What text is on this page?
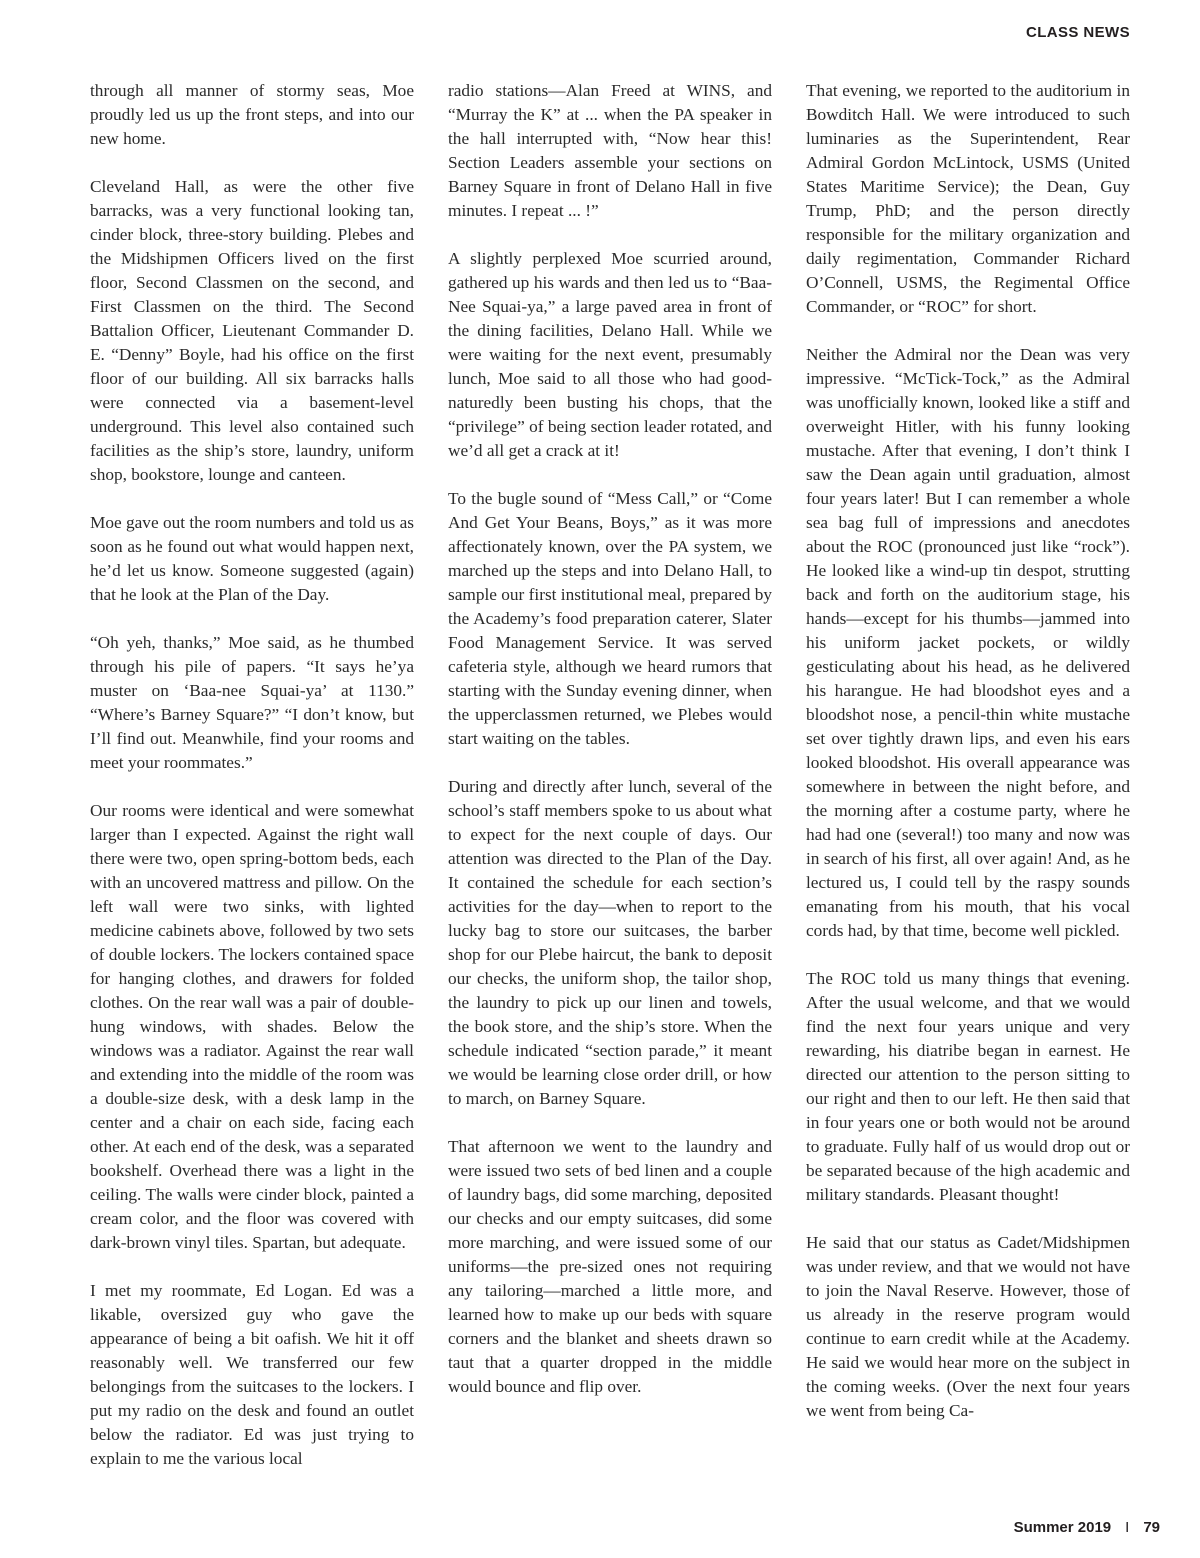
CLASS NEWS

through all manner of stormy seas, Moe proudly led us up the front steps, and into our new home.

Cleveland Hall, as were the other five barracks, was a very functional looking tan, cinder block, three-story building. Plebes and the Midshipmen Officers lived on the first floor, Second Classmen on the second, and First Classmen on the third. The Second Battalion Officer, Lieutenant Commander D. E. “Denny” Boyle, had his office on the first floor of our building. All six barracks halls were connected via a basement-level underground. This level also contained such facilities as the ship’s store, laundry, uniform shop, bookstore, lounge and canteen.

Moe gave out the room numbers and told us as soon as he found out what would happen next, he’d let us know. Someone suggested (again) that he look at the Plan of the Day.

“Oh yeh, thanks,” Moe said, as he thumbed through his pile of papers. “It says he’ya muster on ‘Baa-nee Squai-ya’ at 1130.” “Where’s Barney Square?” “I don’t know, but I’ll find out. Meanwhile, find your rooms and meet your roommates.”

Our rooms were identical and were somewhat larger than I expected. Against the right wall there were two, open spring-bottom beds, each with an uncovered mattress and pillow. On the left wall were two sinks, with lighted medicine cabinets above, followed by two sets of double lockers. The lockers contained space for hanging clothes, and drawers for folded clothes. On the rear wall was a pair of double-hung windows, with shades. Below the windows was a radiator. Against the rear wall and extending into the middle of the room was a double-size desk, with a desk lamp in the center and a chair on each side, facing each other. At each end of the desk, was a separated bookshelf. Overhead there was a light in the ceiling. The walls were cinder block, painted a cream color, and the floor was covered with dark-brown vinyl tiles. Spartan, but adequate.

I met my roommate, Ed Logan. Ed was a likable, oversized guy who gave the appearance of being a bit oafish. We hit it off reasonably well. We transferred our few belongings from the suitcases to the lockers. I put my radio on the desk and found an outlet below the radiator. Ed was just trying to explain to me the various local

radio stations—Alan Freed at WINS, and “Murray the K” at ... when the PA speaker in the hall interrupted with, “Now hear this! Section Leaders assemble your sections on Barney Square in front of Delano Hall in five minutes. I repeat ... !”

A slightly perplexed Moe scurried around, gathered up his wards and then led us to “Baa-Nee Squai-ya,” a large paved area in front of the dining facilities, Delano Hall. While we were waiting for the next event, presumably lunch, Moe said to all those who had good-naturedly been busting his chops, that the “privilege” of being section leader rotated, and we’d all get a crack at it!

To the bugle sound of “Mess Call,” or “Come And Get Your Beans, Boys,” as it was more affectionately known, over the PA system, we marched up the steps and into Delano Hall, to sample our first institutional meal, prepared by the Academy’s food preparation caterer, Slater Food Management Service. It was served cafeteria style, although we heard rumors that starting with the Sunday evening dinner, when the upperclassmen returned, we Plebes would start waiting on the tables.

During and directly after lunch, several of the school’s staff members spoke to us about what to expect for the next couple of days. Our attention was directed to the Plan of the Day. It contained the schedule for each section’s activities for the day—when to report to the lucky bag to store our suitcases, the barber shop for our Plebe haircut, the bank to deposit our checks, the uniform shop, the tailor shop, the laundry to pick up our linen and towels, the book store, and the ship’s store. When the schedule indicated “section parade,” it meant we would be learning close order drill, or how to march, on Barney Square.

That afternoon we went to the laundry and were issued two sets of bed linen and a couple of laundry bags, did some marching, deposited our checks and our empty suitcases, did some more marching, and were issued some of our uniforms—the pre-sized ones not requiring any tailoring—marched a little more, and learned how to make up our beds with square corners and the blanket and sheets drawn so taut that a quarter dropped in the middle would bounce and flip over.

That evening, we reported to the auditorium in Bowditch Hall. We were introduced to such luminaries as the Superintendent, Rear Admiral Gordon McLintock, USMS (United States Maritime Service); the Dean, Guy Trump, PhD; and the person directly responsible for the military organization and daily regimentation, Commander Richard O’Connell, USMS, the Regimental Office Commander, or “ROC” for short.

Neither the Admiral nor the Dean was very impressive. “McTick-Tock,” as the Admiral was unofficially known, looked like a stiff and overweight Hitler, with his funny looking mustache. After that evening, I don’t think I saw the Dean again until graduation, almost four years later! But I can remember a whole sea bag full of impressions and anecdotes about the ROC (pronounced just like “rock”). He looked like a wind-up tin despot, strutting back and forth on the auditorium stage, his hands—except for his thumbs—jammed into his uniform jacket pockets, or wildly gesticulating about his head, as he delivered his harangue. He had bloodshot eyes and a bloodshot nose, a pencil-thin white mustache set over tightly drawn lips, and even his ears looked bloodshot. His overall appearance was somewhere in between the night before, and the morning after a costume party, where he had had one (several!) too many and now was in search of his first, all over again! And, as he lectured us, I could tell by the raspy sounds emanating from his mouth, that his vocal cords had, by that time, become well pickled.

The ROC told us many things that evening. After the usual welcome, and that we would find the next four years unique and very rewarding, his diatribe began in earnest. He directed our attention to the person sitting to our right and then to our left. He then said that in four years one or both would not be around to graduate. Fully half of us would drop out or be separated because of the high academic and military standards. Pleasant thought!

He said that our status as Cadet/Midshipmen was under review, and that we would not have to join the Naval Reserve. However, those of us already in the reserve program would continue to earn credit while at the Academy. He said we would hear more on the subject in the coming weeks. (Over the next four years we went from being Ca-

Summer 2019 I 79
